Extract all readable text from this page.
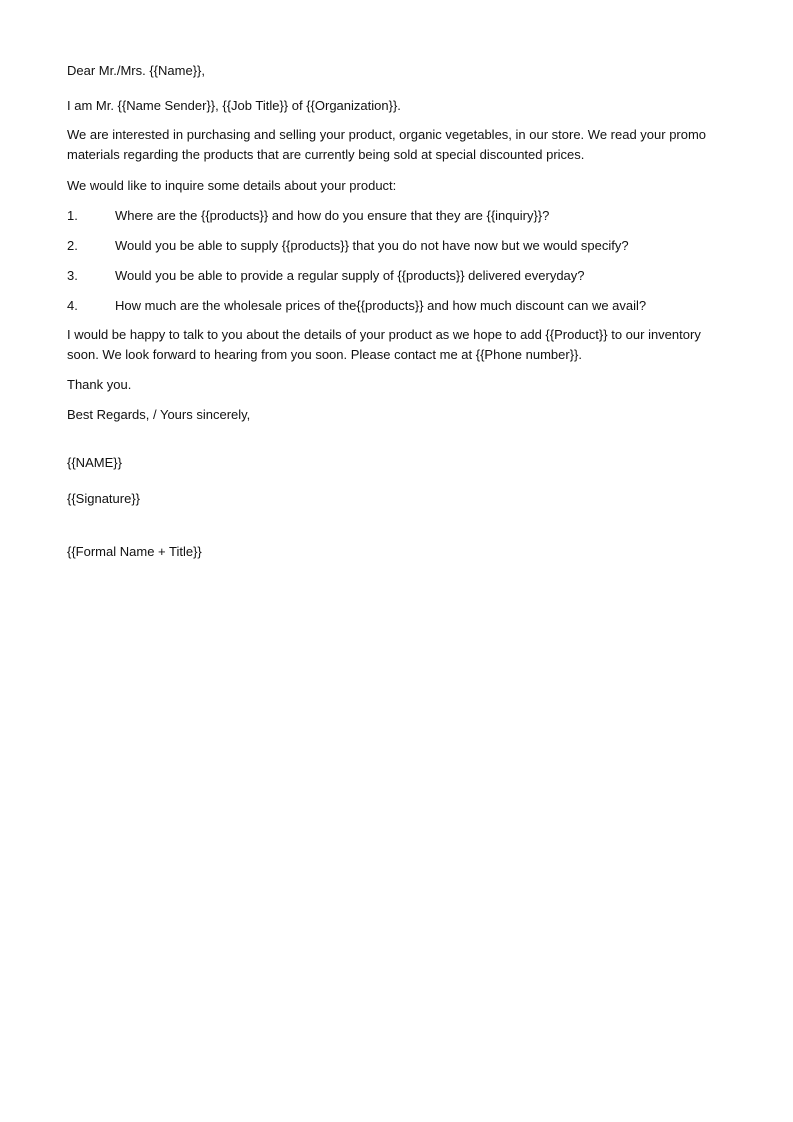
Dear Mr./Mrs. {{Name}},
I am Mr. {{Name Sender}}, {{Job Title}} of {{Organization}}.
We are interested in purchasing and selling your product, organic vegetables, in our store. We read your promo materials regarding the products that are currently being sold at special discounted prices.
We would like to inquire some details about your product:
1.	Where are the {{products}} and how do you ensure that they are {{inquiry}}?
2.	Would you be able to supply {{products}} that you do not have now but we would specify?
3.	Would you be able to provide a regular supply of {{products}} delivered everyday?
4.	How much are the wholesale prices of the{{products}} and how much discount can we avail?
I would be happy to talk to you about the details of your product as we hope to add {{Product}} to our inventory soon. We look forward to hearing from you soon. Please contact me at {{Phone number}}.
Thank you.
Best Regards, / Yours sincerely,
{{NAME}}
{{Signature}}
{{Formal Name + Title}}
